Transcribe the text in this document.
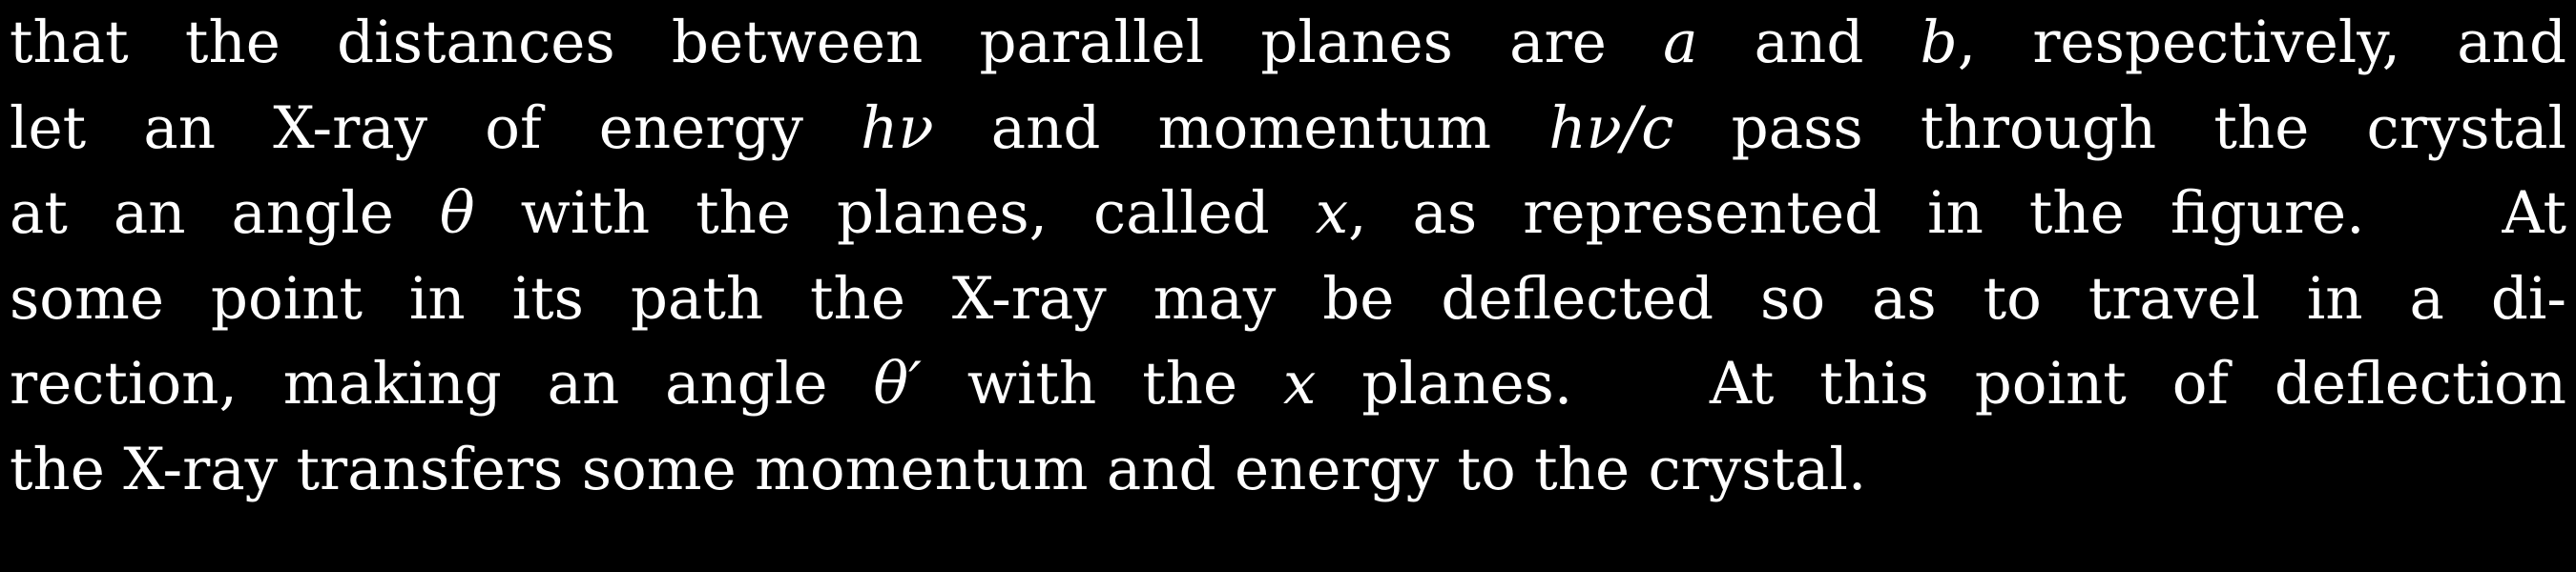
that the distances between parallel planes are a and b, respectively, and
let an X-ray of energy hν and momentum hν/c pass through the crystal
at an angle θ with the planes, called x, as represented in the figure.   At
some point in its path the X-ray may be deflected so as to travel in a di-
rection, making an angle θ′ with the x planes.   At this point of deflection
the X-ray transfers some momentum and energy to the crystal.
